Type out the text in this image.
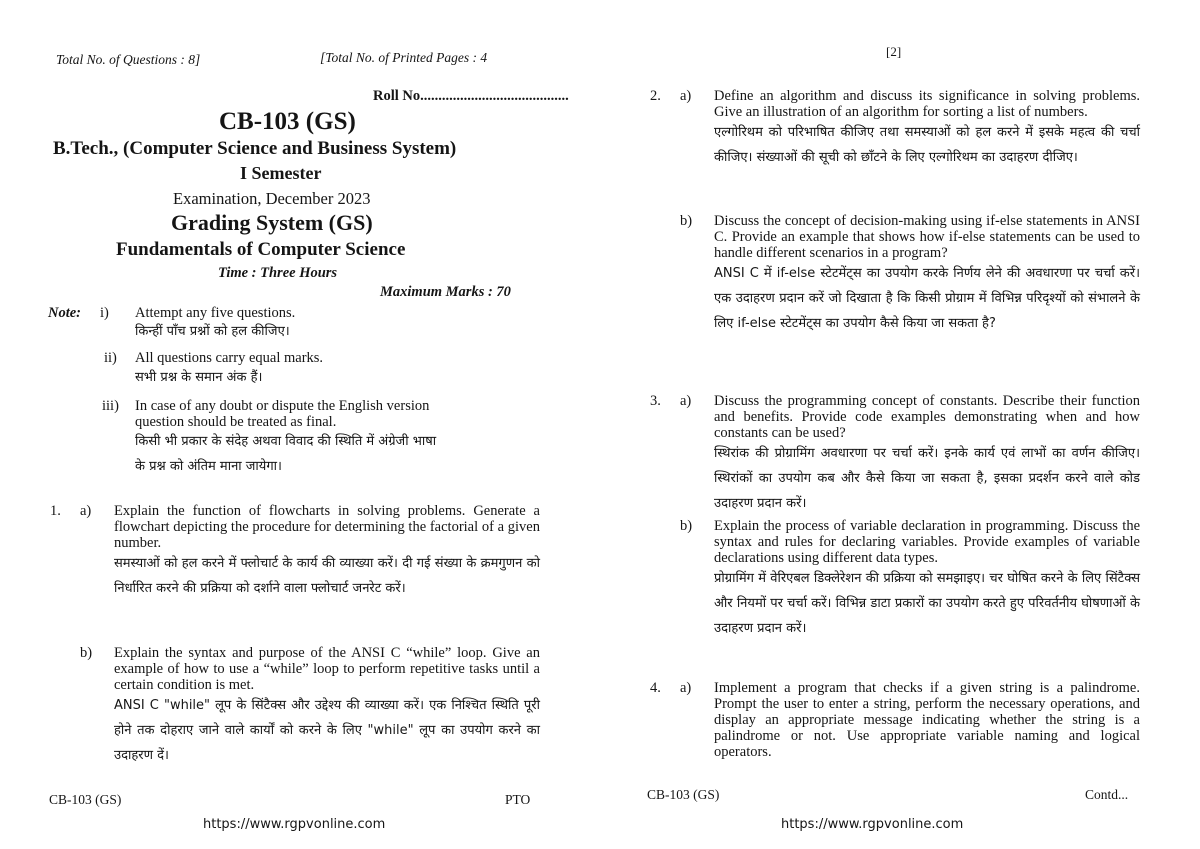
Total No. of Questions : 8]	[Total No. of Printed Pages : 4
Roll No.........................................
CB-103 (GS)
B.Tech., (Computer Science and Business System)
I Semester
Examination, December 2023
Grading System (GS)
Fundamentals of Computer Science
Time : Three Hours
Maximum Marks : 70
Note: i) Attempt any five questions.
किन्हीं पाँच प्रश्नों को हल कीजिए।
ii) All questions carry equal marks.
सभी प्रश्न के समान अंक हैं।
iii) In case of any doubt or dispute the English version
question should be treated as final.
किसी भी प्रकार के संदेह अथवा विवाद की स्थिति में अंग्रेजी भाषा
के प्रश्न को अंतिम माना जायेगा।
1. a) Explain the function of flowcharts in solving problems. Generate a flowchart depicting the procedure for determining the factorial of a given number.

समस्याओं को हल करने में फ्लोचार्ट के कार्य की व्याख्या करें। दी गई संख्या के क्रमगुणन को निर्धारित करने की प्रक्रिया को दर्शाने वाला फ्लोचार्ट जनरेट करें।

b) Explain the syntax and purpose of the ANSI C “while” loop. Give an example of how to use a “while” loop to perform repetitive tasks until a certain condition is met.

ANSI C "while" लूप के सिंटैक्स और उद्देश्य की व्याख्या करें। एक निश्चित स्थिति पूरी होने तक दोहराए जाने वाले कार्यों को करने के लिए "while" लूप का उपयोग करने का उदाहरण दें।

CB-103 (GS)	PTO
https://www.rgpvonline.com
[2]
2. a) Define an algorithm and discuss its significance in solving problems. Give an illustration of an algorithm for sorting a list of numbers.

एल्गोरिथम को परिभाषित कीजिए तथा समस्याओं को हल करने में इसके महत्व की चर्चा कीजिए। संख्याओं की सूची को छाँटने के लिए एल्गोरिथम का उदाहरण दीजिए।

b) Discuss the concept of decision-making using if-else statements in ANSI C. Provide an example that shows how if-else statements can be used to handle different scenarios in a program?

ANSI C में if-else स्टेटमेंट्स का उपयोग करके निर्णय लेने की अवधारणा पर चर्चा करें। एक उदाहरण प्रदान करें जो दिखाता है कि किसी प्रोग्राम में विभिन्न परिदृश्यों को संभालने के लिए if-else स्टेटमेंट्स का उपयोग कैसे किया जा सकता है?

3. a) Discuss the programming concept of constants. Describe their function and benefits. Provide code examples demonstrating when and how constants can be used?

स्थिरांक की प्रोग्रामिंग अवधारणा पर चर्चा करें। इनके कार्य एवं लाभों का वर्णन कीजिए। स्थिरांकों का उपयोग कब और कैसे किया जा सकता है, इसका प्रदर्शन करने वाले कोड उदाहरण प्रदान करें।

b) Explain the process of variable declaration in programming. Discuss the syntax and rules for declaring variables. Provide examples of variable declarations using different data types.

प्रोग्रामिंग में वेरिएबल डिक्लेरेशन की प्रक्रिया को समझाइए। चर घोषित करने के लिए सिंटैक्स और नियमों पर चर्चा करें। विभिन्न डाटा प्रकारों का उपयोग करते हुए परिवर्तनीय घोषणाओं के उदाहरण प्रदान करें।

4. a) Implement a program that checks if a given string is a palindrome. Prompt the user to enter a string, perform the necessary operations, and display an appropriate message indicating whether the string is a palindrome or not. Use appropriate variable naming and logical operators.

CB-103 (GS)	Contd...
https://www.rgpvonline.com
